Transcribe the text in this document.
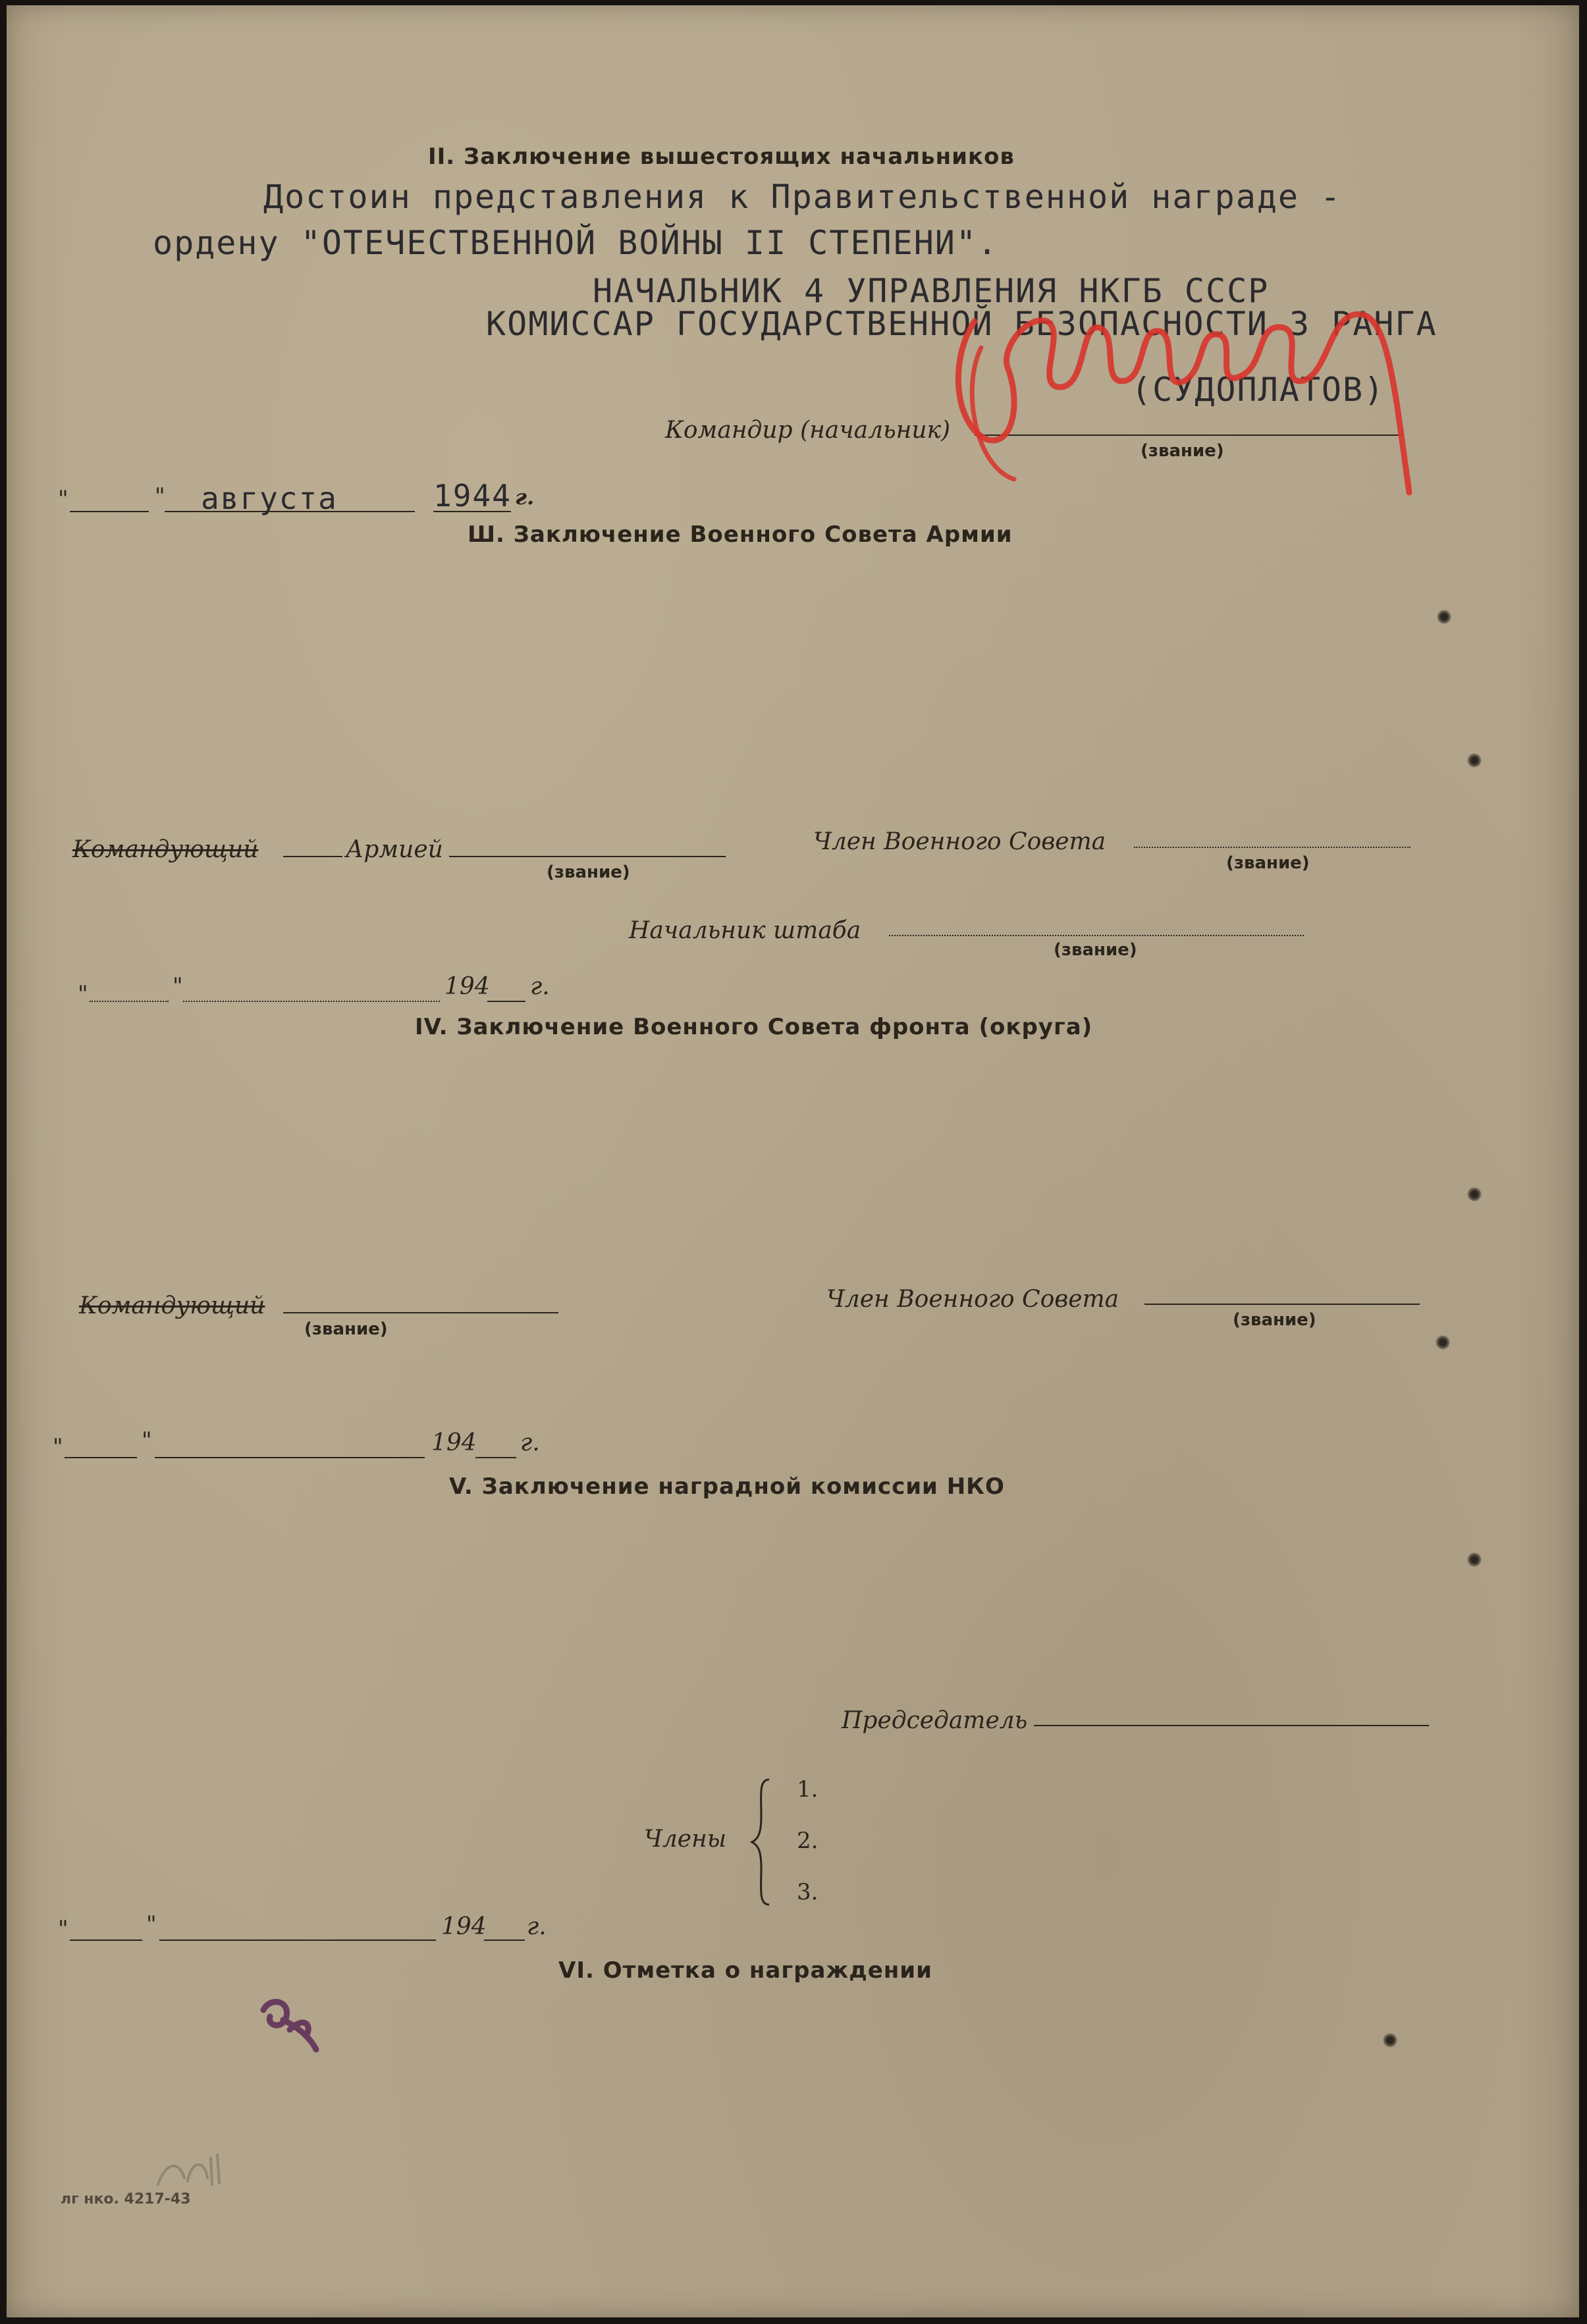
II. Заключение вышестоящих начальников
Достоин представления к Правительственной награде -
ордену "ОТЕЧЕСТВЕННОЙ ВОЙНЫ II СТЕПЕНИ".
НАЧАЛЬНИК 4 УПРАВЛЕНИЯ НКГБ СССР
КОМИССАР ГОСУДАРСТВЕННОЙ БЕЗОПАСНОСТИ 3 РАНГА
(СУДОПЛАТОВ)
Командир (начальник)
(звание)
"	" августа	1944 г.
Ш. Заключение Военного Совета Армии
Командующий	Армией
(звание)
Член Военного Совета
(звание)
Начальник штаба
(звание)
"	"	194 г.
IV. Заключение Военного Совета фронта (округа)
Командующий
(звание)
Член Военного Совета
(звание)
"	"	194 г.
V. Заключение наградной комиссии НКО
Председатель
Члены
1.
2.
3.
"	"	194 г.
VI. Отметка о награждении
лг нко. 4217-43
